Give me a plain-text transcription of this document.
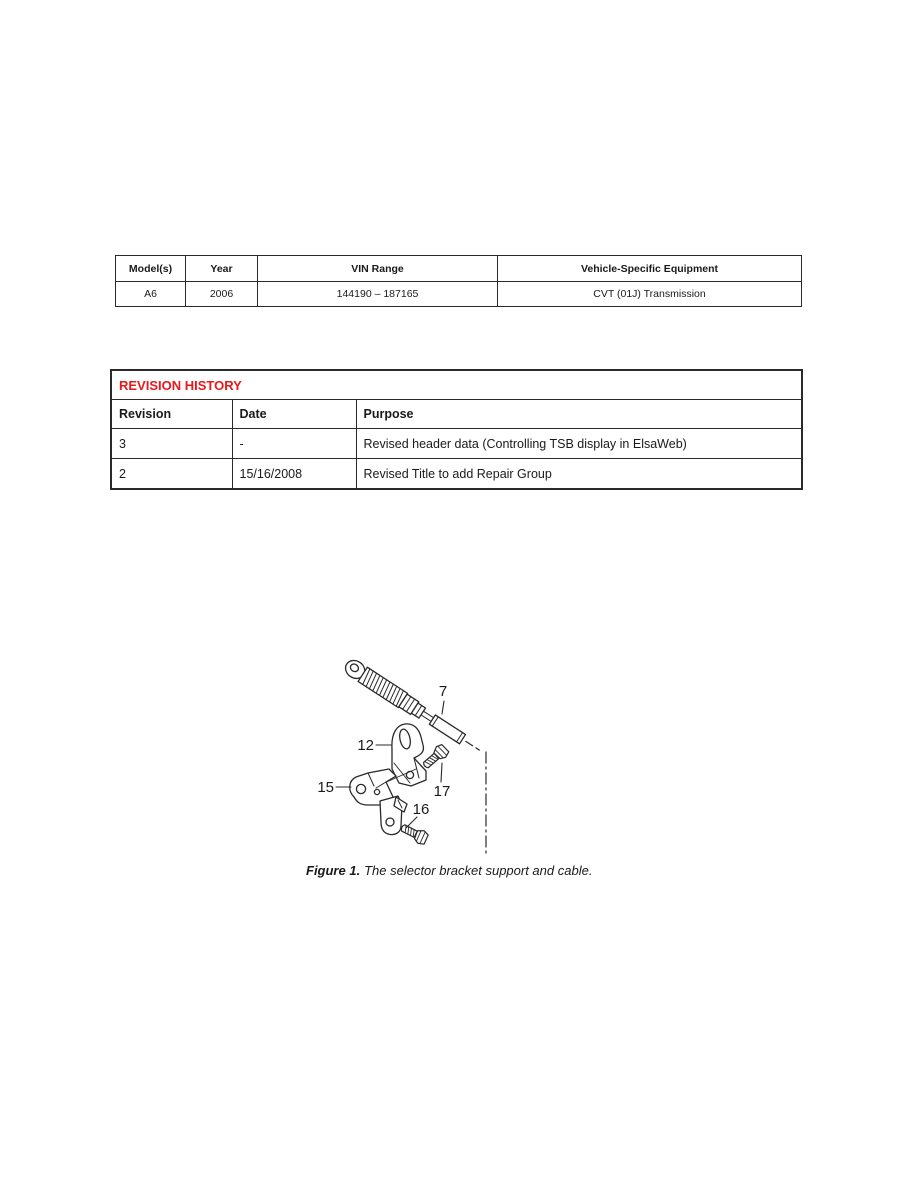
Model(s)	Year	VIN Range	Vehicle-Specific Equipment
A6	2006	144190 – 187165	CVT (01J) Transmission
REVISION HISTORY		
Revision	Date	Purpose
3	-	Revised header data (Controlling TSB display in ElsaWeb)
2	15/16/2008	Revised Title to add Repair Group
7
12
15
16
17
Figure 1. The selector bracket support and cable.
